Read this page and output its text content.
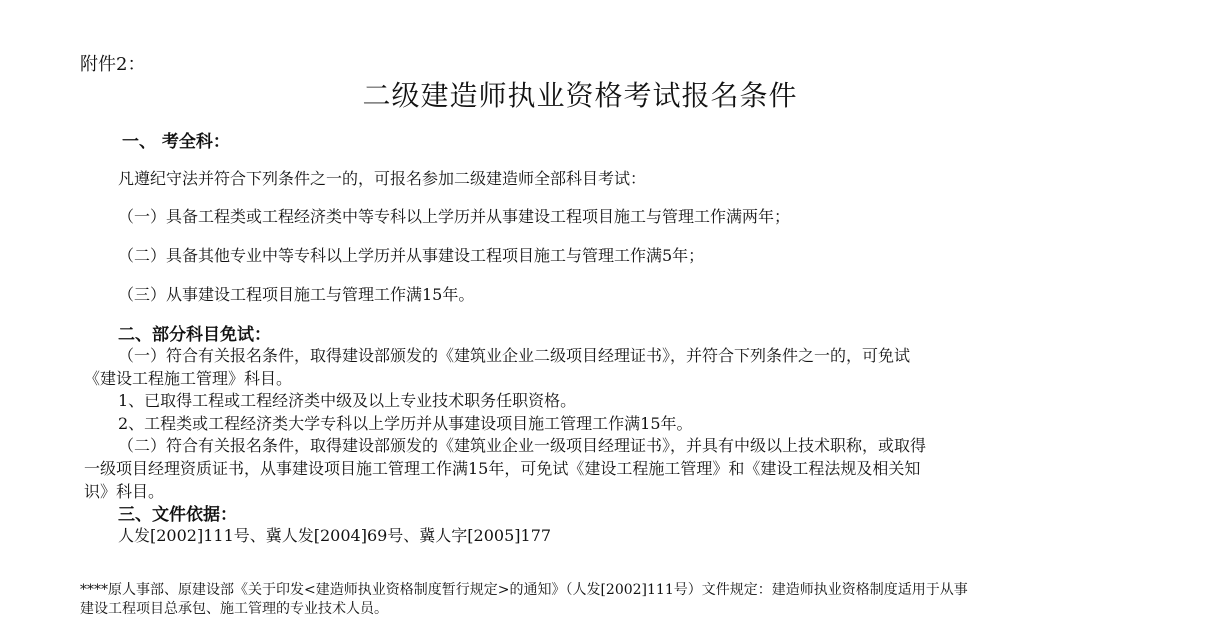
附件2：
二级建造师执业资格考试报名条件
一、 考全科：
凡遵纪守法并符合下列条件之一的，可报名参加二级建造师全部科目考试：
（一）具备工程类或工程经济类中等专科以上学历并从事建设工程项目施工与管理工作满两年；
（二）具备其他专业中等专科以上学历并从事建设工程项目施工与管理工作满5年；
（三）从事建设工程项目施工与管理工作满15年。
二、部分科目免试：
（一）符合有关报名条件，取得建设部颁发的《建筑业企业二级项目经理证书》，并符合下列条件之一的，可免试
《建设工程施工管理》科目。
1、已取得工程或工程经济类中级及以上专业技术职务任职资格。
2、工程类或工程经济类大学专科以上学历并从事建设项目施工管理工作满15年。
（二）符合有关报名条件，取得建设部颁发的《建筑业企业一级项目经理证书》，并具有中级以上技术职称，或取得
一级项目经理资质证书，从事建设项目施工管理工作满15年，可免试《建设工程施工管理》和《建设工程法规及相关知
识》科目。
三、文件依据：
人发[2002]111号、冀人发[2004]69号、冀人字[2005]177
****原人事部、原建设部《关于印发<建造师执业资格制度暂行规定>的通知》（人发[2002]111号）文件规定：建造师执业资格制度适用于从事
建设工程项目总承包、施工管理的专业技术人员。
